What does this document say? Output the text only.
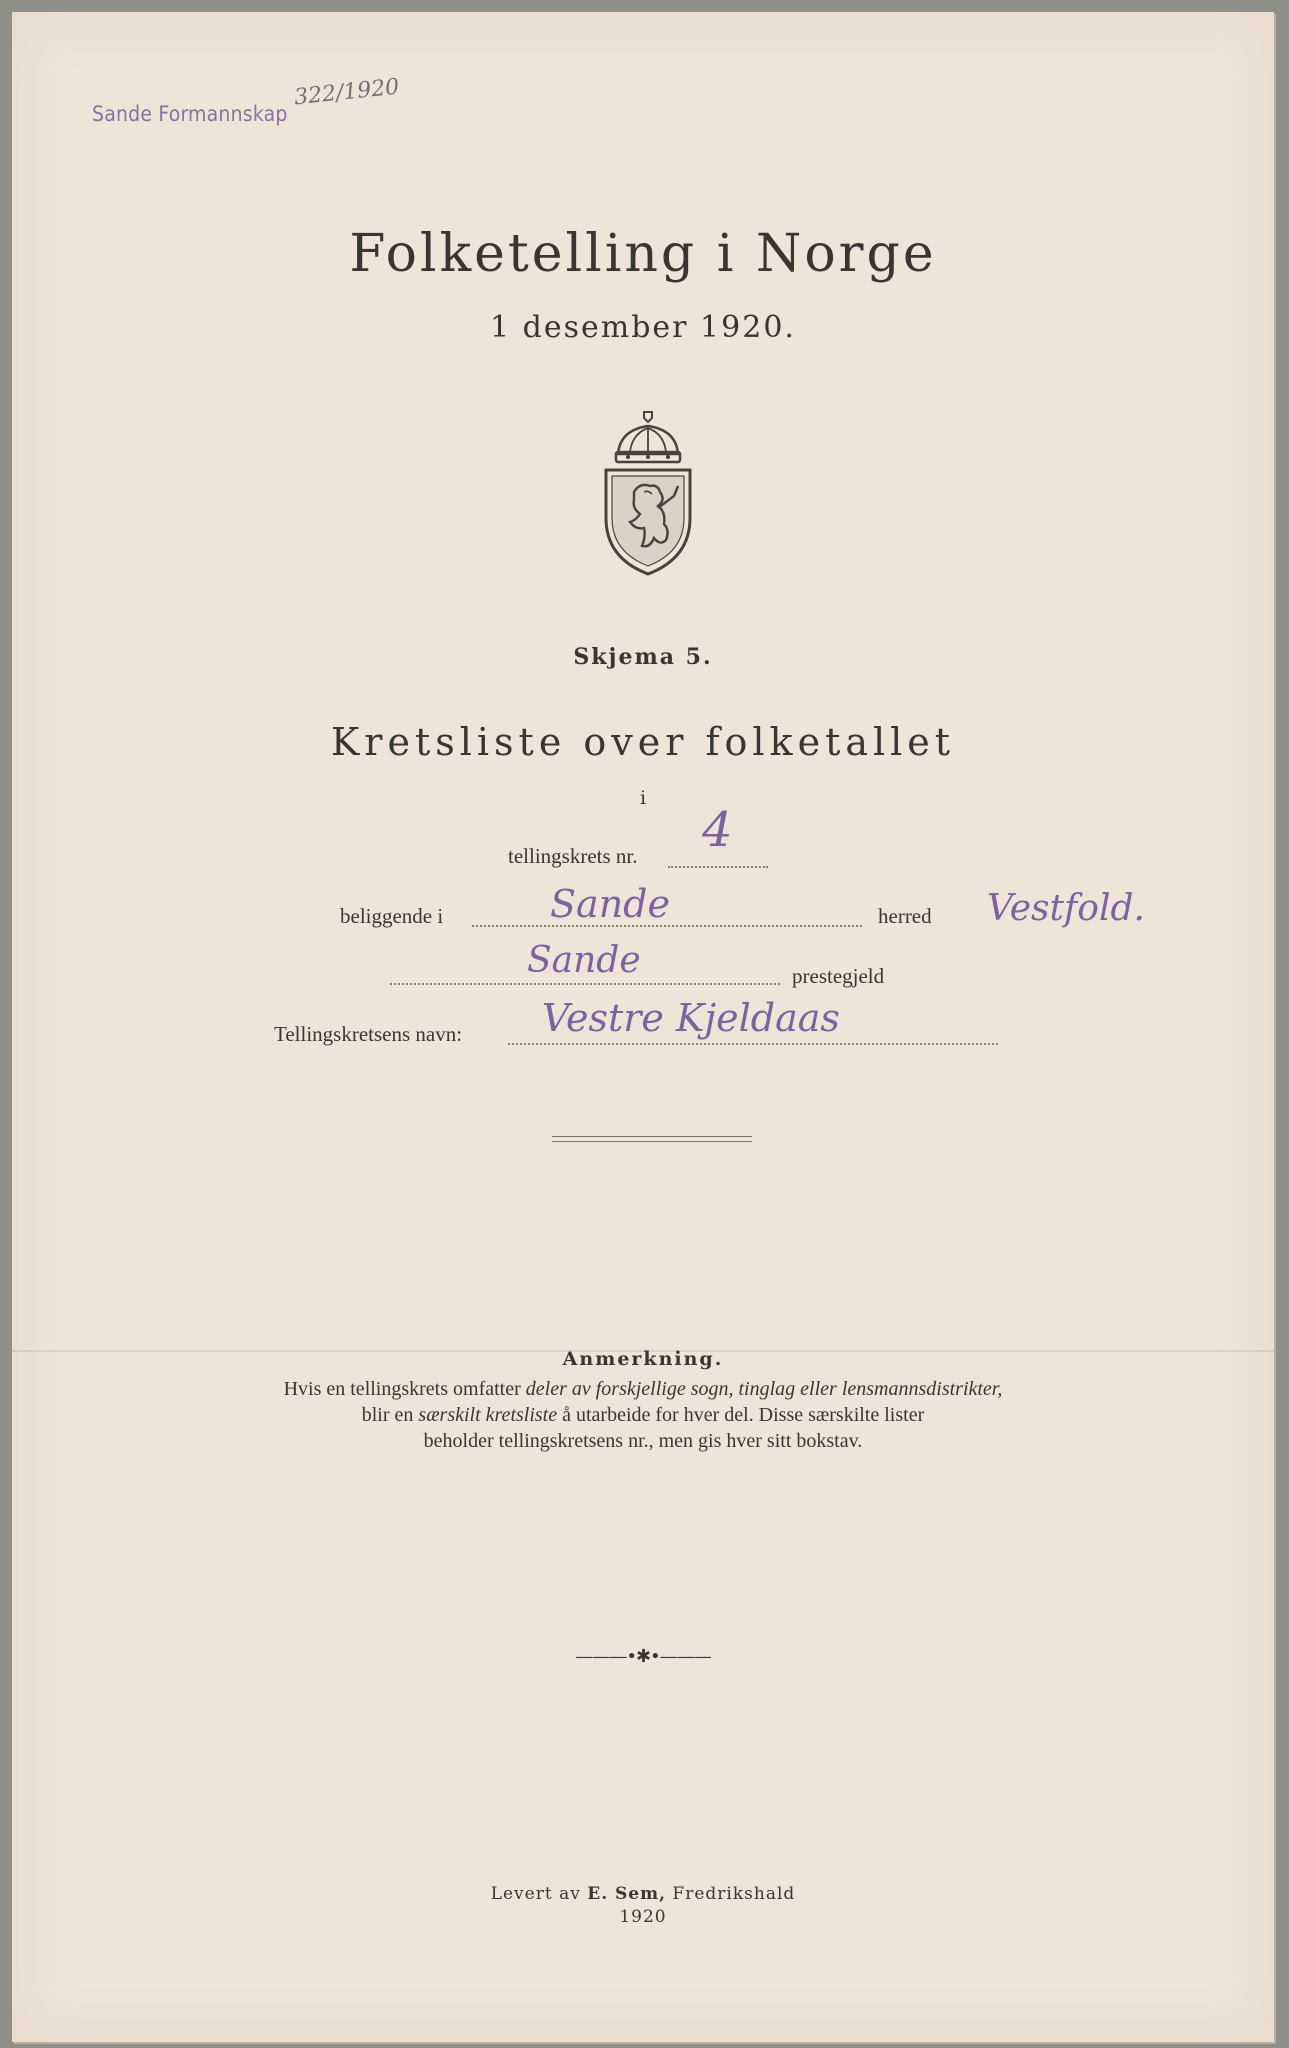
Sande Formannskap
322/1920
Folketelling i Norge
1 desember 1920.
Skjema 5.
Kretsliste over folketallet
i
tellingskrets nr. 4
beliggende i	Sande	herred Vestfold.
Sande	prestegjeld
Tellingskretsens navn: Vestre Kjeldaas
Anmerkning.
Hvis en tellingskrets omfatter deler av forskjellige sogn, tinglag eller lensmannsdistrikter,
blir en særskilt kretsliste å utarbeide for hver del. Disse særskilte lister
beholder tellingskretsens nr., men gis hver sitt bokstav.
———•✱•———
Levert av E. Sem, Fredrikshald
1920
